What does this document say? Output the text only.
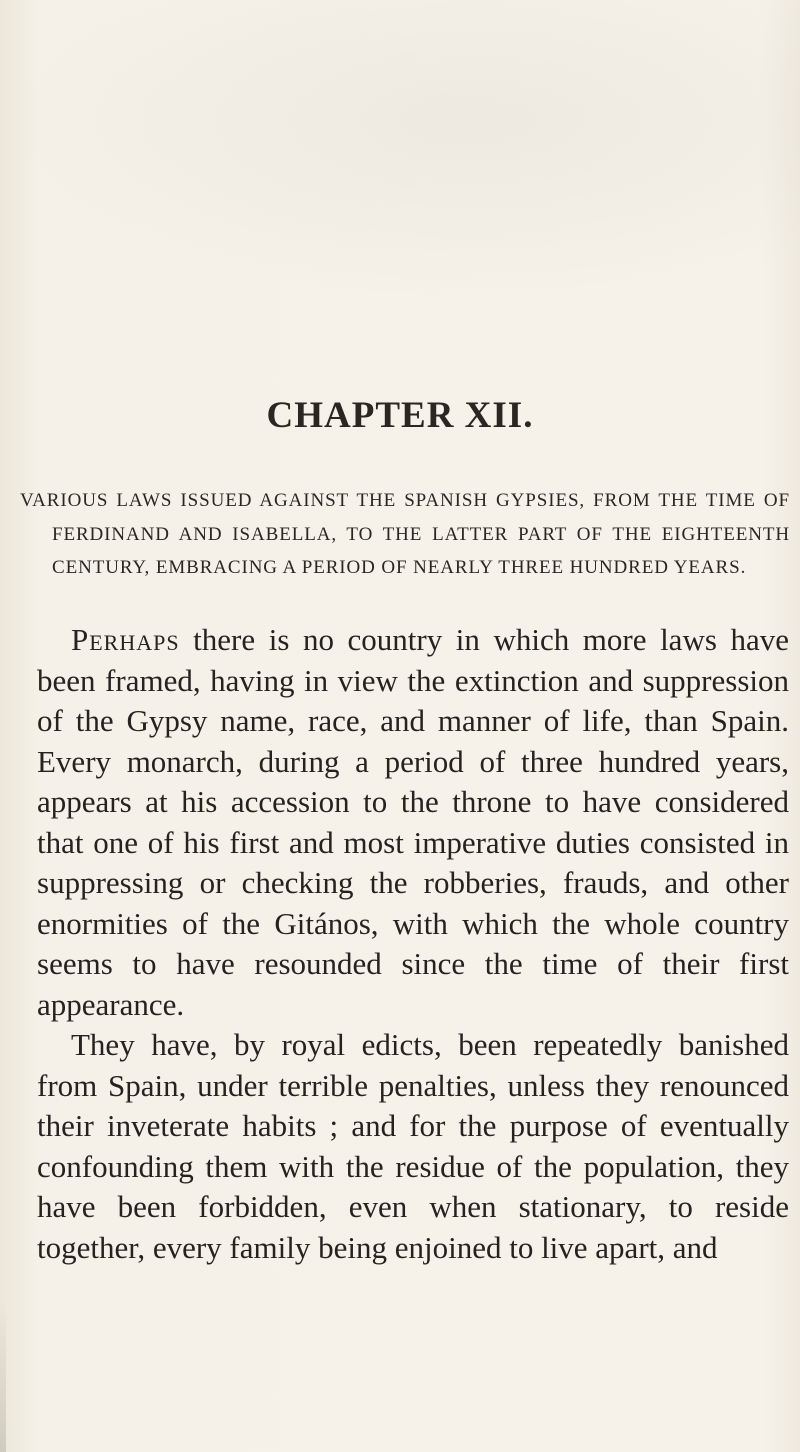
CHAPTER XII.

VARIOUS LAWS ISSUED AGAINST THE SPANISH GYPSIES, FROM THE TIME OF FERDINAND AND ISABELLA, TO THE LATTER PART OF THE EIGHTEENTH CENTURY, EMBRACING A PERIOD OF NEARLY THREE HUNDRED YEARS.

Perhaps there is no country in which more laws have been framed, having in view the extinction and suppression of the Gypsy name, race, and manner of life, than Spain. Every monarch, during a period of three hundred years, appears at his accession to the throne to have considered that one of his first and most imperative duties consisted in suppressing or checking the robberies, frauds, and other enormities of the Gitános, with which the whole country seems to have resounded since the time of their first appearance.

They have, by royal edicts, been repeatedly banished from Spain, under terrible penalties, unless they renounced their inveterate habits ; and for the purpose of eventually confounding them with the residue of the population, they have been forbidden, even when stationary, to reside together, every family being enjoined to live apart, and
